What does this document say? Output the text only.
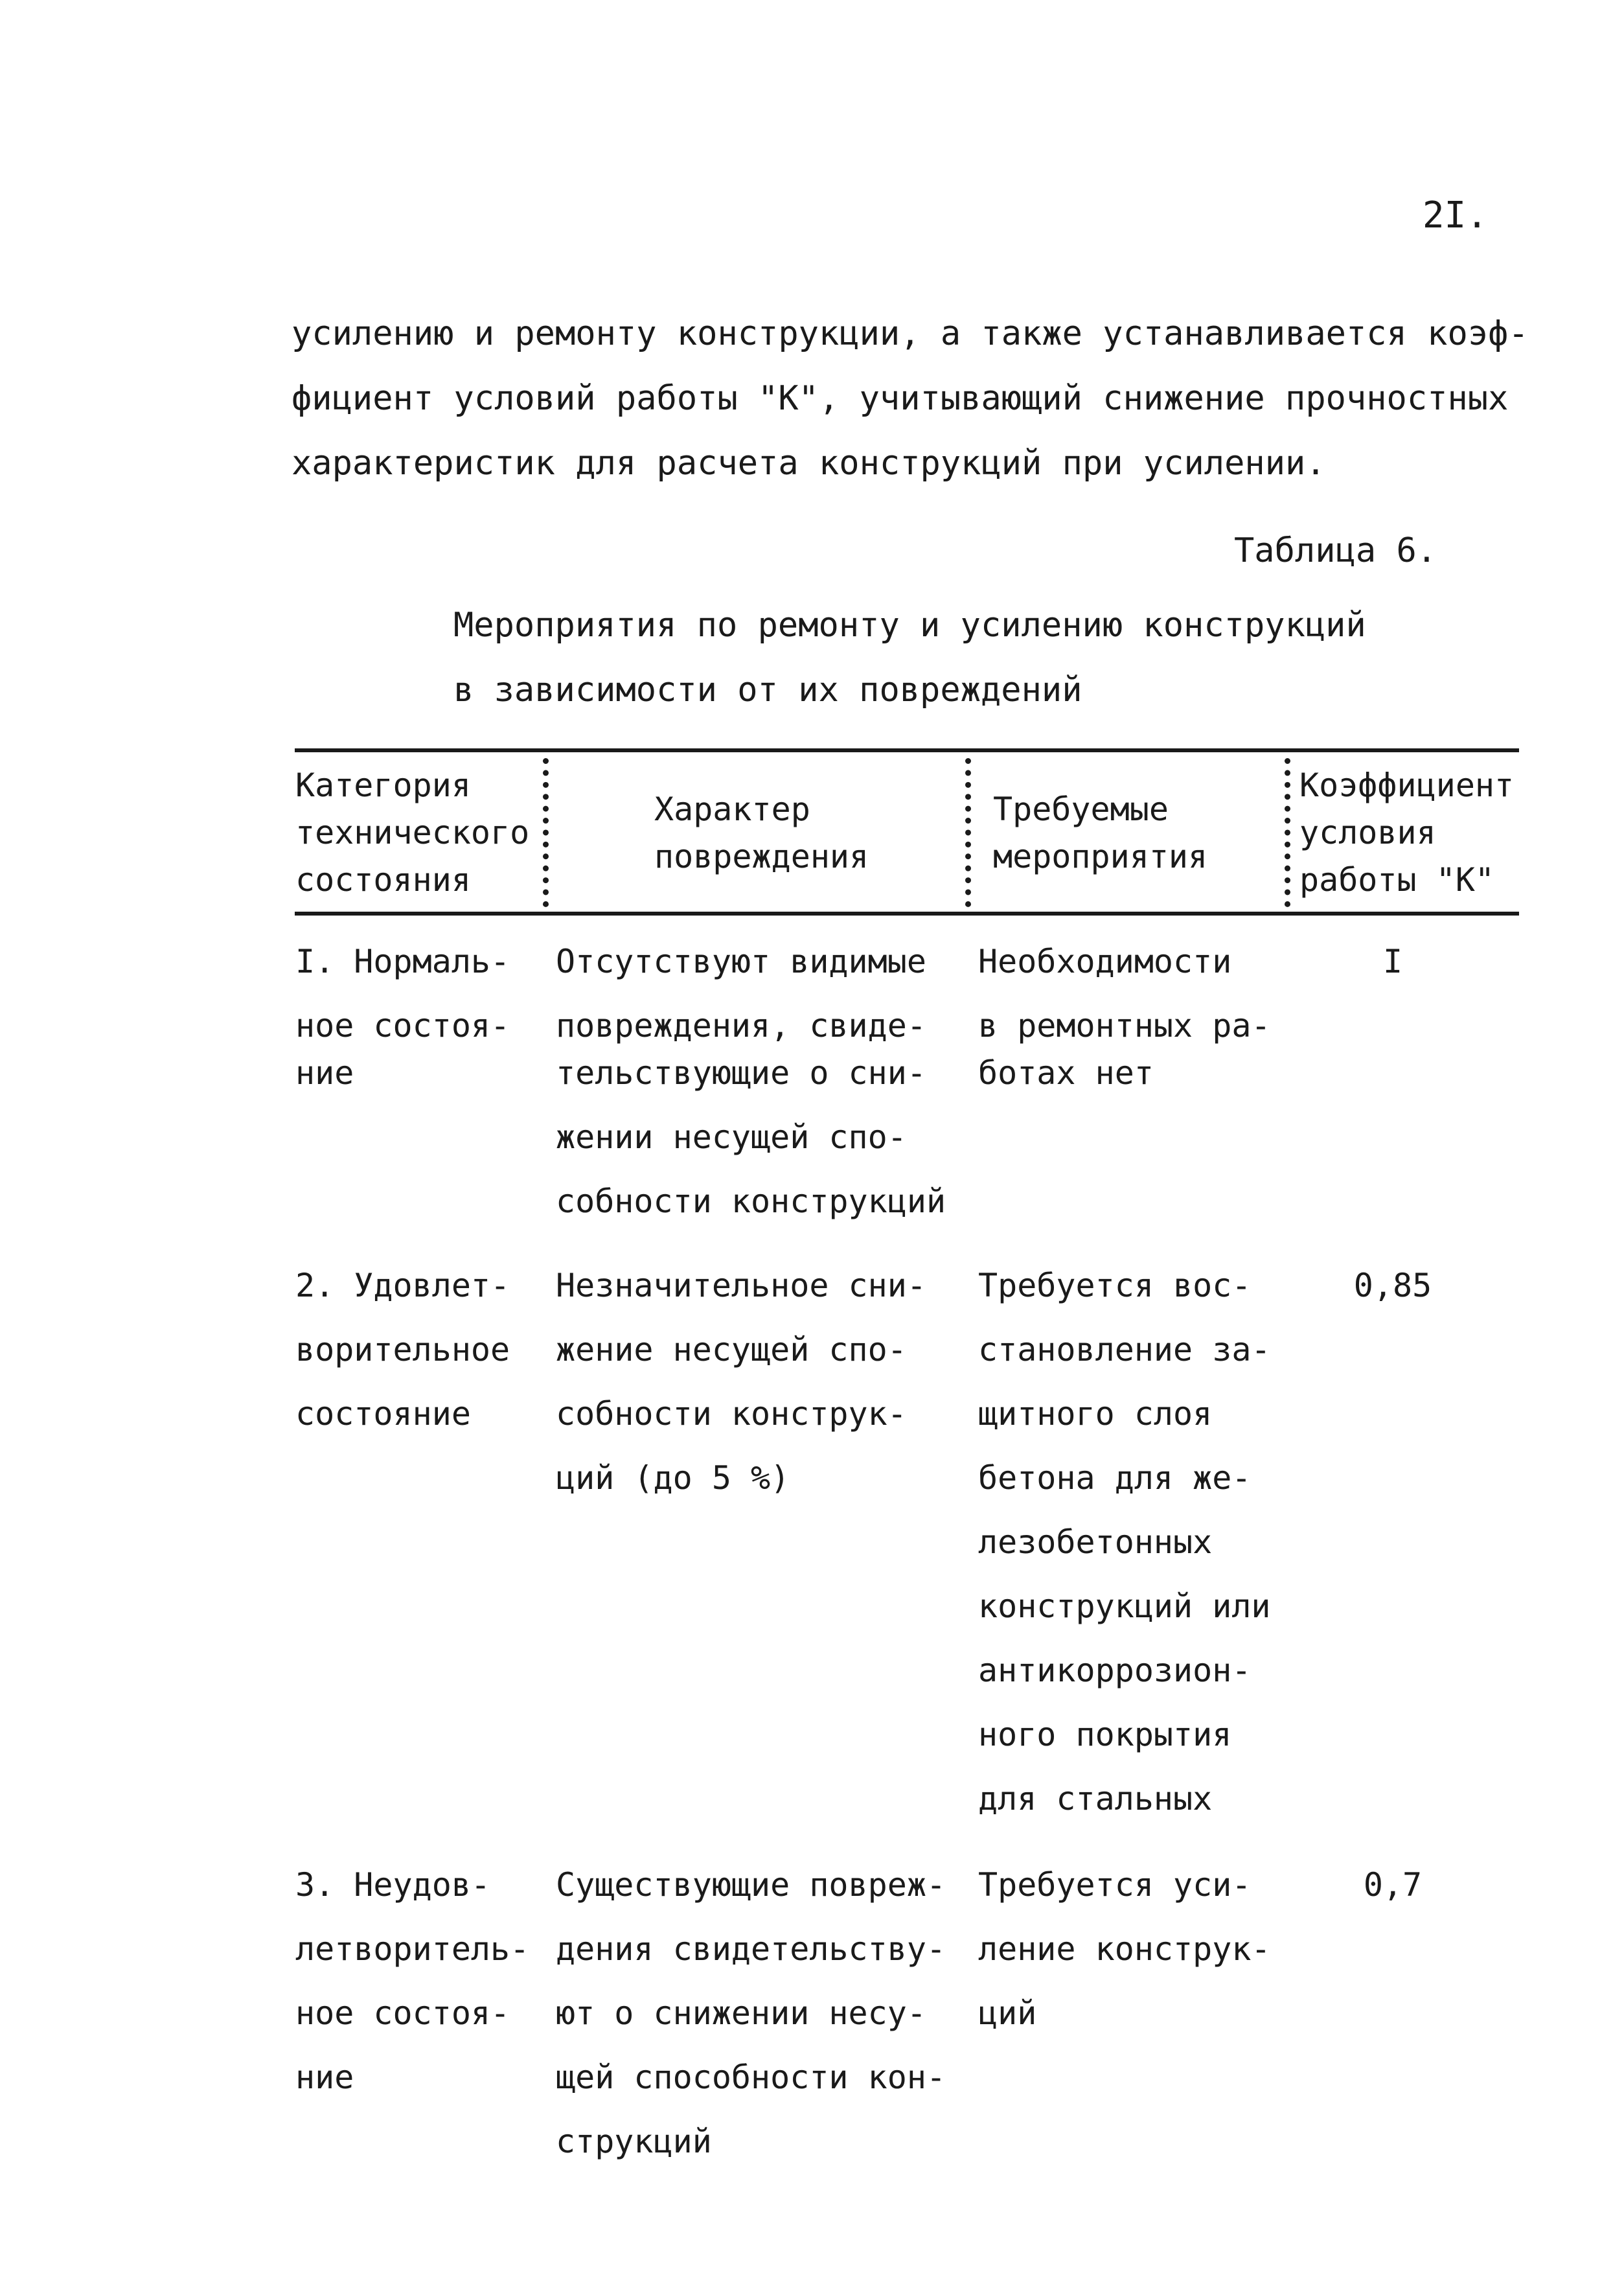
2I.
усилению и ремонту конструкции, а также устанавливается коэф-
фициент условий работы "К", учитывающий снижение прочностных
характеристик для расчета конструкций при усилении.
Таблица 6.
Мероприятия по ремонту и усилению конструкций
в зависимости от их повреждений
Категория
технического
состояния
Характер
повреждения
Требуемые
мероприятия
Коэффициент
условия
работы "К"
I. Нормаль-
ное состоя-
ние
Отсутствуют видимые
повреждения, свиде-
тельствующие о сни-
жении несущей спо-
собности конструкций
Необходимости
в ремонтных ра-
ботах нет
I
2. Удовлет-
ворительное
состояние
Незначительное сни-
жение несущей спо-
собности конструк-
ций (до 5 %)
Требуется вос-
становление за-
щитного слоя
бетона для же-
лезобетонных
конструкций или
антикоррозион-
ного покрытия
для стальных
0,85
3. Неудов-
летворитель-
ное состоя-
ние
Существующие повреж-
дения свидетельству-
ют о снижении несу-
щей способности кон-
струкций
Требуется уси-
ление конструк-
ций
0,7
